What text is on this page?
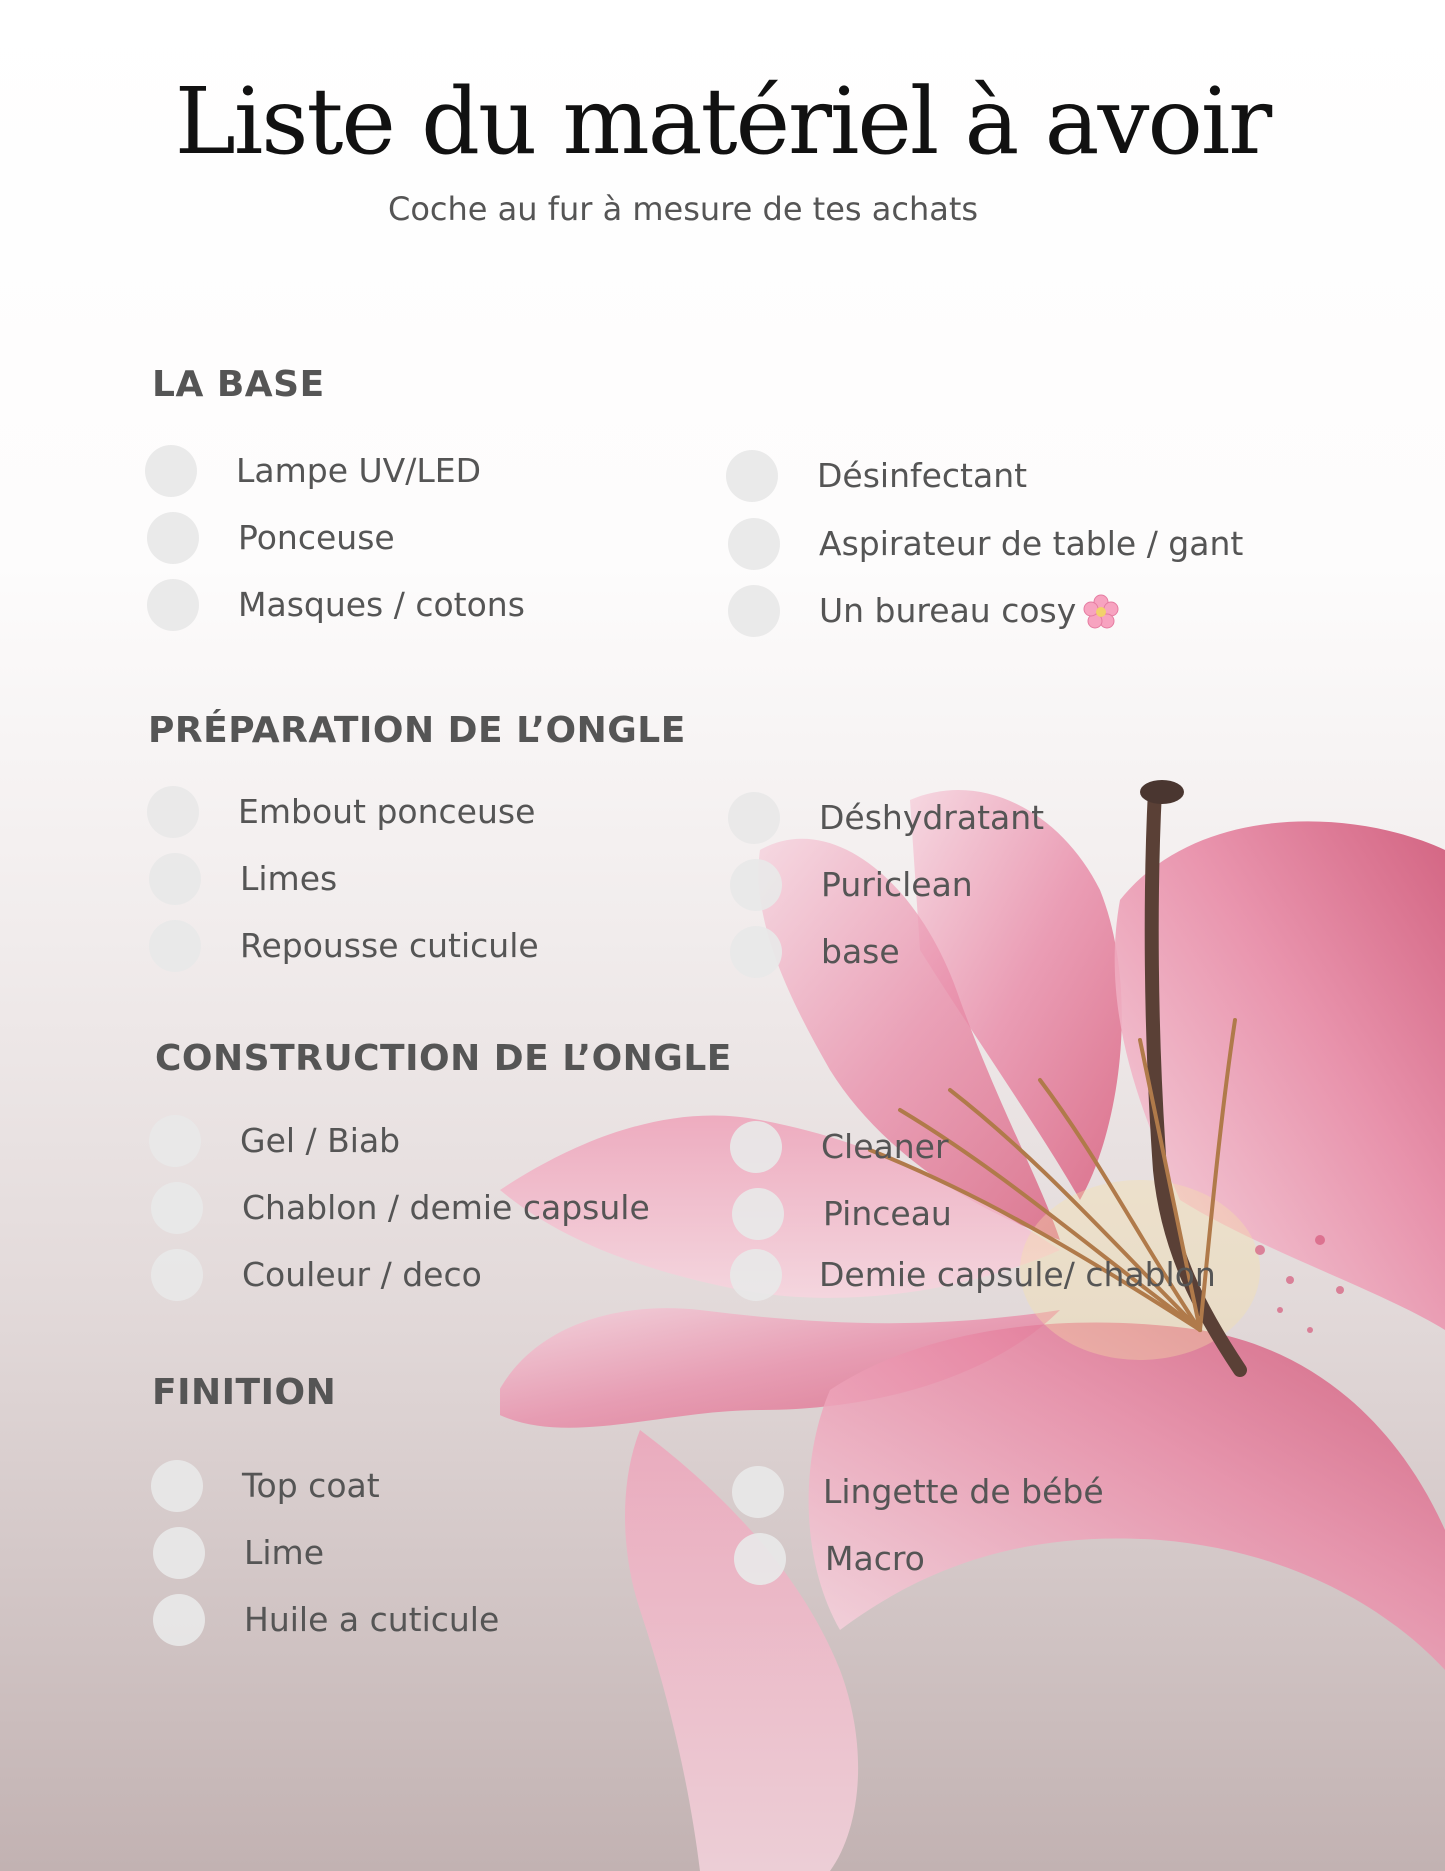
Liste du matériel à avoir
Coche au fur à mesure de tes achats
LA BASE
Lampe UV/LED
Ponceuse
Masques / cotons
Désinfectant
Aspirateur de table / gant
Un bureau cosy
PRÉPARATION DE L’ONGLE
Embout ponceuse
Limes
Repousse cuticule
Déshydratant
Puriclean
base
CONSTRUCTION DE L’ONGLE
Gel / Biab
Chablon / demie capsule
Couleur / deco
Cleaner
Pinceau
Demie capsule/ chablon
FINITION
Top coat
Lime
Huile a cuticule
Lingette de bébé
Macro
